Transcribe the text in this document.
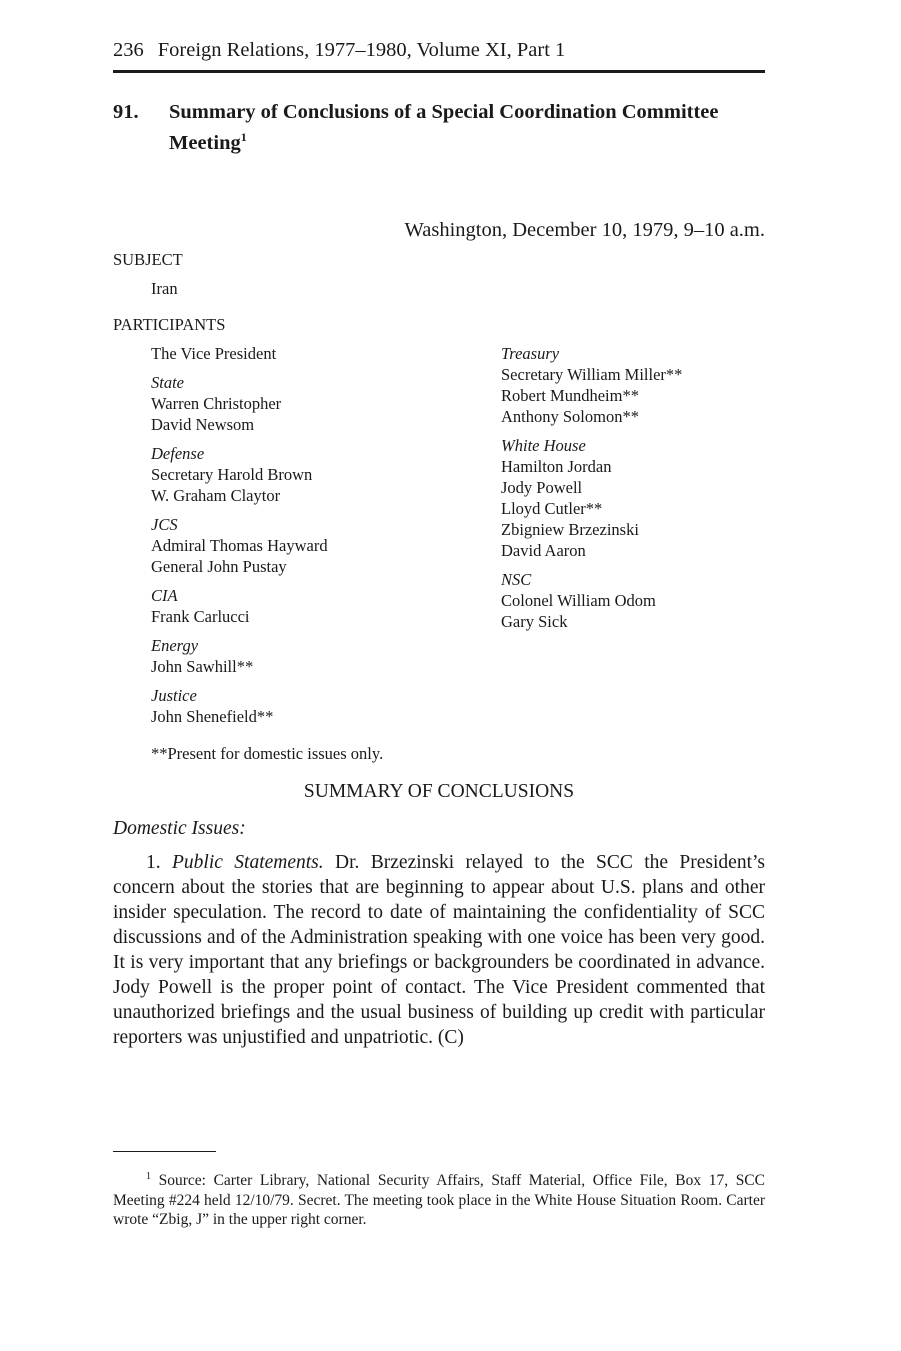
236 Foreign Relations, 1977–1980, Volume XI, Part 1
91. Summary of Conclusions of a Special Coordination Committee Meeting$^1$
Washington, December 10, 1979, 9–10 a.m.
SUBJECT
Iran
PARTICIPANTS
The Vice President
State
Warren Christopher
David Newsom
Defense
Secretary Harold Brown
W. Graham Claytor
JCS
Admiral Thomas Hayward
General John Pustay
CIA
Frank Carlucci
Energy
John Sawhill**
Justice
John Shenefield**
Treasury
Secretary William Miller**
Robert Mundheim**
Anthony Solomon**
White House
Hamilton Jordan
Jody Powell
Lloyd Cutler**
Zbigniew Brzezinski
David Aaron
NSC
Colonel William Odom
Gary Sick
**Present for domestic issues only.
SUMMARY OF CONCLUSIONS
Domestic Issues:

1. Public Statements. Dr. Brzezinski relayed to the SCC the President’s concern about the stories that are beginning to appear about U.S. plans and other insider speculation. The record to date of maintaining the confidentiality of SCC discussions and of the Administration speaking with one voice has been very good. It is very important that any briefings or backgrounders be coordinated in advance. Jody Powell is the proper point of contact. The Vice President commented that unauthorized briefings and the usual business of building up credit with particular reporters was unjustified and unpatriotic. (C)

$^1$ Source: Carter Library, National Security Affairs, Staff Material, Office File, Box 17, SCC Meeting #224 held 12/10/79. Secret. The meeting took place in the White House Situation Room. Carter wrote “Zbig, J” in the upper right corner.
